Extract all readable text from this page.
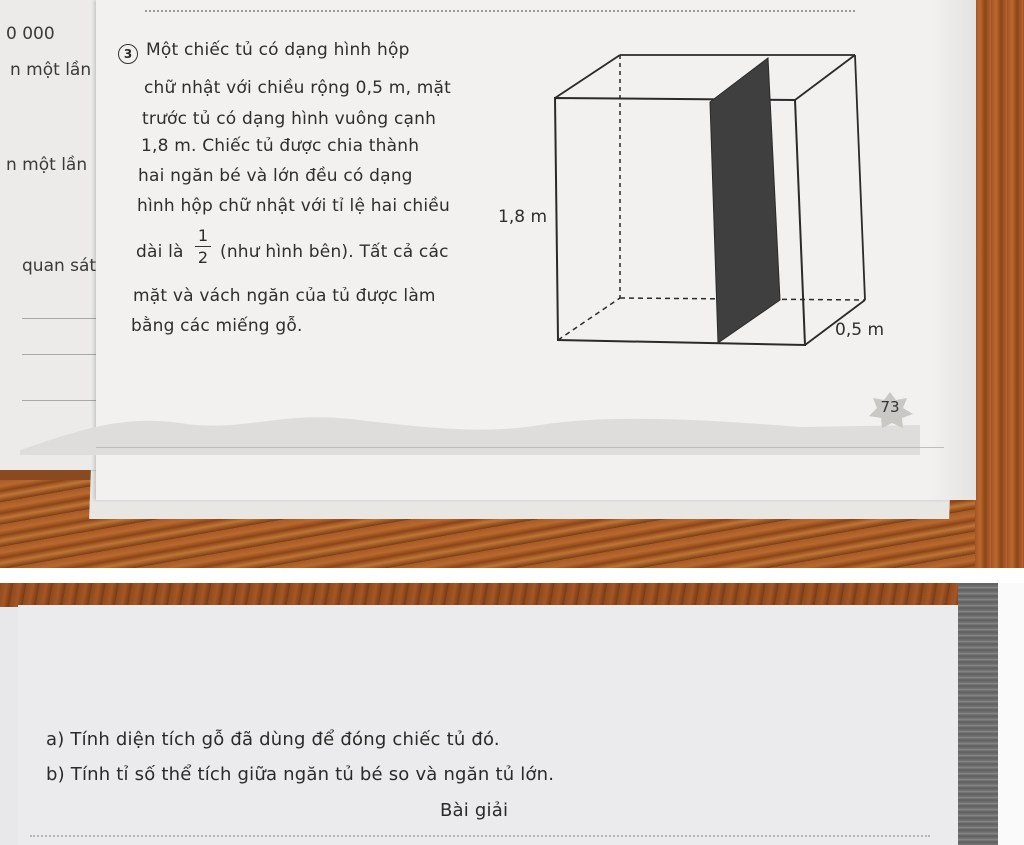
0 000
n một lần
n một lần
quan sát
3 Một chiếc tủ có dạng hình hộp
chữ nhật với chiều rộng 0,5 m, mặt
trước tủ có dạng hình vuông cạnh
1,8 m. Chiếc tủ được chia thành
hai ngăn bé và lớn đều có dạng
hình hộp chữ nhật với tỉ lệ hai chiều
dài là
1
2 (như hình bên). Tất cả các
mặt và vách ngăn của tủ được làm
bằng các miếng gỗ.
1,8 m
0,5 m
73
a) Tính diện tích gỗ đã dùng để đóng chiếc tủ đó.
b) Tính tỉ số thể tích giữa ngăn tủ bé so và ngăn tủ lớn.
Bài giải
